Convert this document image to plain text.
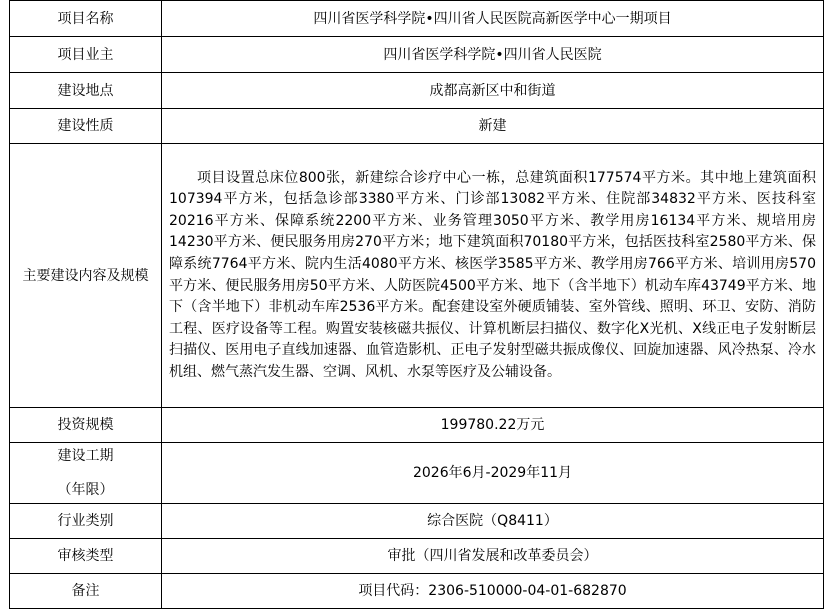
项目名称	四川省医学科学院•四川省人民医院高新医学中心一期项目
项目业主	四川省医学科学院•四川省人民医院
建设地点	成都高新区中和街道
建设性质	新建
主要建设内容及规模	项目设置总床位800张，新建综合诊疗中心一栋，总建筑面积177574平方米。其中地上建筑面积107394平方米，包括急诊部3380平方米、门诊部13082平方米、住院部34832平方米、医技科室20216平方米、保障系统2200平方米、业务管理3050平方米、教学用房16134平方米、规培用房14230平方米、便民服务用房270平方米；地下建筑面积70180平方米，包括医技科室2580平方米、保障系统7764平方米、院内生活4080平方米、核医学3585平方米、教学用房766平方米、培训用房570平方米、便民服务用房50平方米、人防医院4500平方米、地下（含半地下）机动车库43749平方米、地下（含半地下）非机动车库2536平方米。配套建设室外硬质铺装、室外管线、照明、环卫、安防、消防工程、医疗设备等工程。购置安装核磁共振仪、计算机断层扫描仪、数字化X光机、X线正电子发射断层扫描仪、医用电子直线加速器、血管造影机、正电子发射型磁共振成像仪、回旋加速器、风冷热泵、冷水机组、燃气蒸汽发生器、空调、风机、水泵等医疗及公辅设备。
投资规模	199780.22万元

建设工期
（年限）	2026年6月-2029年11月
行业类别	综合医院（Q8411）
审核类型	审批（四川省发展和改革委员会）
备注	项目代码：2306-510000-04-01-682870
